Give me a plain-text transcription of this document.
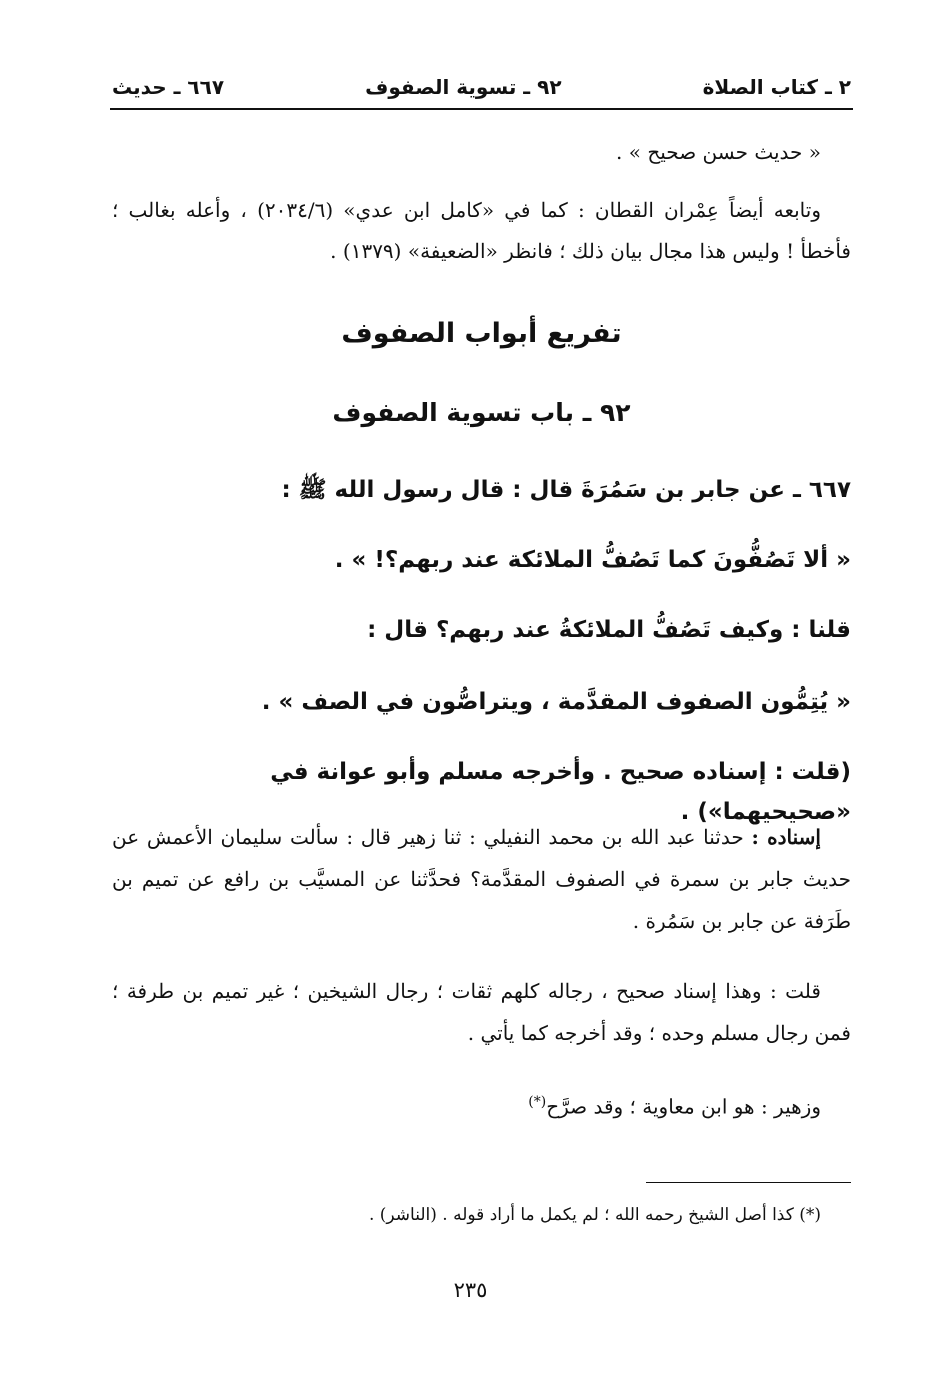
٢ ـ كتاب الصلاة
٩٢ ـ تسوية الصفوف
٦٦٧ ـ حديث
« حديث حسن صحيح » .
وتابعه أيضاً عِمْران القطان : كما في «كامل ابن عدي» (٢٠٣٤/٦) ، وأعله بغالب ؛ فأخطأ ! وليس هذا مجال بيان ذلك ؛ فانظر «الضعيفة» (١٣٧٩) .
تفريع أبواب الصفوف
٩٢ ـ باب تسوية الصفوف
٦٦٧ ـ عن جابر بن سَمُرَةَ قال : قال رسول الله ﷺ :
« ألا تَصُفُّونَ كما تَصُفُّ الملائكة عند ربهم؟! » .
قلنا : وكيف تَصُفُّ الملائكةُ عند ربهم؟ قال :
« يُتِمُّون الصفوف المقدَّمة ، ويتراصُّون في الصف » .
(قلت : إسناده صحيح . وأخرجه مسلم وأبو عوانة في «صحيحيهما») .
إسناده : حدثنا عبد الله بن محمد النفيلي : ثنا زهير قال : سألت سليمان الأعمش عن حديث جابر بن سمرة في الصفوف المقدَّمة؟ فحدَّثنا عن المسيَّب بن رافع عن تميم بن طَرَفة عن جابر بن سَمُرة .
قلت : وهذا إسناد صحيح ، رجاله كلهم ثقات ؛ رجال الشيخين ؛ غير تميم بن طرفة ؛ فمن رجال مسلم وحده ؛ وقد أخرجه كما يأتي .
وزهير : هو ابن معاوية ؛ وقد صرَّح(*)
(*) كذا أصل الشيخ رحمه الله ؛ لم يكمل ما أراد قوله . (الناشر) .
٢٣٥
